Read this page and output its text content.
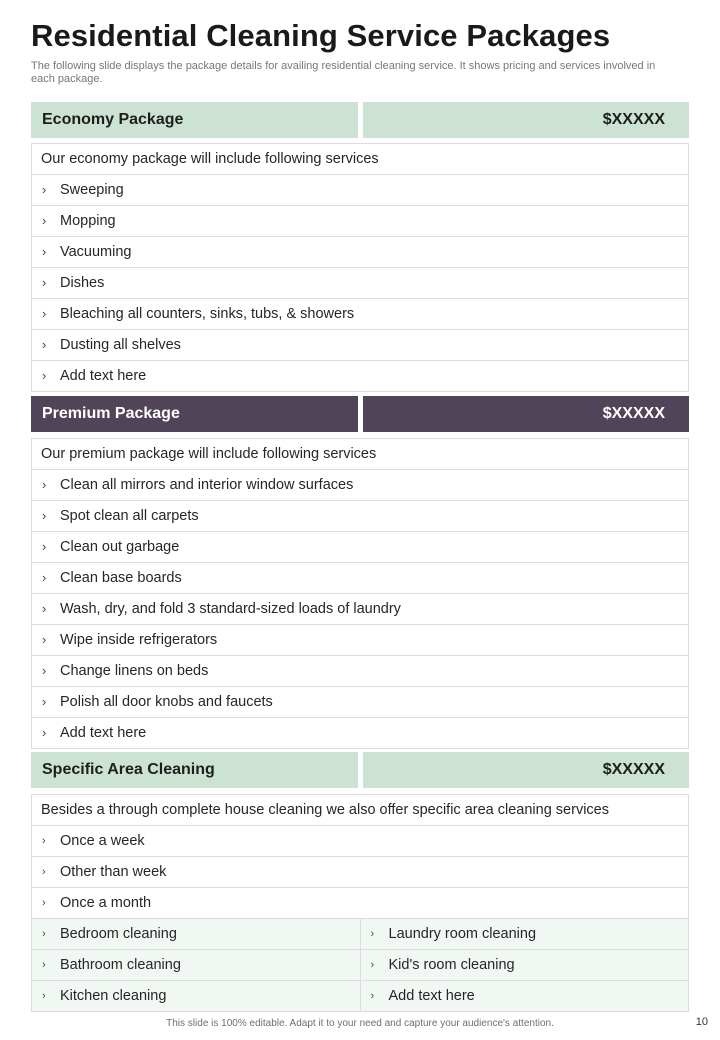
Residential Cleaning Service Packages

The following slide displays the package details for availing residential cleaning service. It shows pricing and services involved in each package.

Economy Package	$XXXXX
Our economy package will include following services
› Sweeping
› Mopping
› Vacuuming
› Dishes
› Bleaching all counters, sinks, tubs, & showers
› Dusting all shelves
› Add text here
Premium Package	$XXXXX
Our premium package will include following services
› Clean all mirrors and interior window surfaces
› Spot clean all carpets
› Clean out garbage
› Clean base boards
› Wash, dry, and fold 3 standard-sized loads of laundry
› Wipe inside refrigerators
› Change linens on beds
› Polish all door knobs and faucets
› Add text here
Specific Area Cleaning	$XXXXX
Besides a through complete house cleaning we also offer specific area cleaning services
› Once a week
› Other than week
› Once a month
› Bedroom cleaning	› Laundry room cleaning
› Bathroom cleaning	› Kid's room cleaning
› Kitchen cleaning	› Add text here
This slide is 100% editable. Adapt it to your need and capture your audience's attention.	10
